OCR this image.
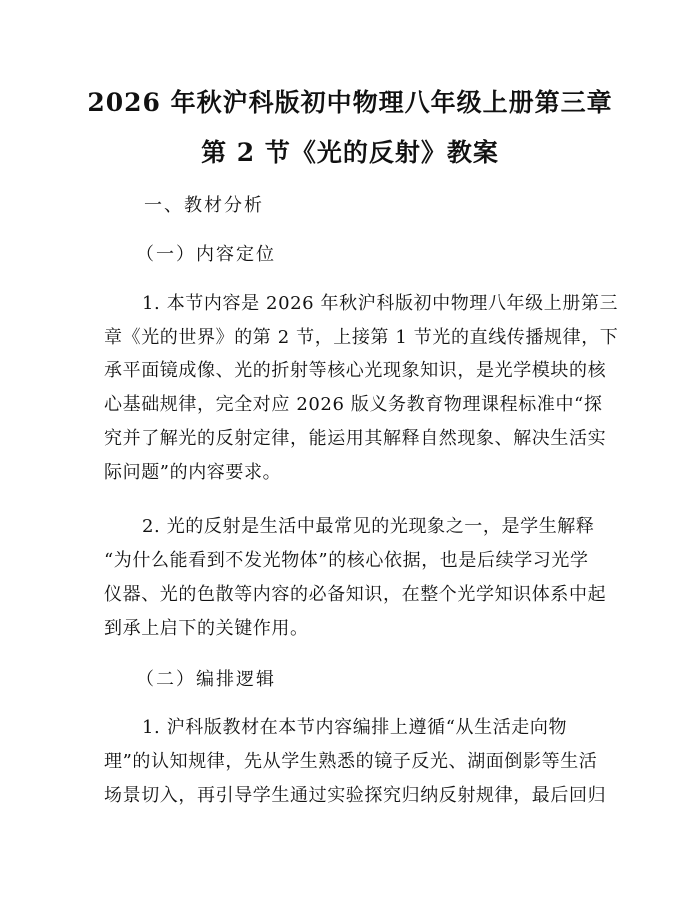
2026 年秋沪科版初中物理八年级上册第三章
第 2 节《光的反射》教案
一、教材分析
（一）内容定位
1. 本节内容是 2026 年秋沪科版初中物理八年级上册第三
章《光的世界》的第 2 节，上接第 1 节光的直线传播规律，下
承平面镜成像、光的折射等核心光现象知识，是光学模块的核
心基础规律，完全对应 2026 版义务教育物理课程标准中“探
究并了解光的反射定律，能运用其解释自然现象、解决生活实
际问题”的内容要求。
2. 光的反射是生活中最常见的光现象之一，是学生解释
“为什么能看到不发光物体”的核心依据，也是后续学习光学
仪器、光的色散等内容的必备知识，在整个光学知识体系中起
到承上启下的关键作用。
（二）编排逻辑
1. 沪科版教材在本节内容编排上遵循“从生活走向物
理”的认知规律，先从学生熟悉的镜子反光、湖面倒影等生活
场景切入，再引导学生通过实验探究归纳反射规律，最后回归
